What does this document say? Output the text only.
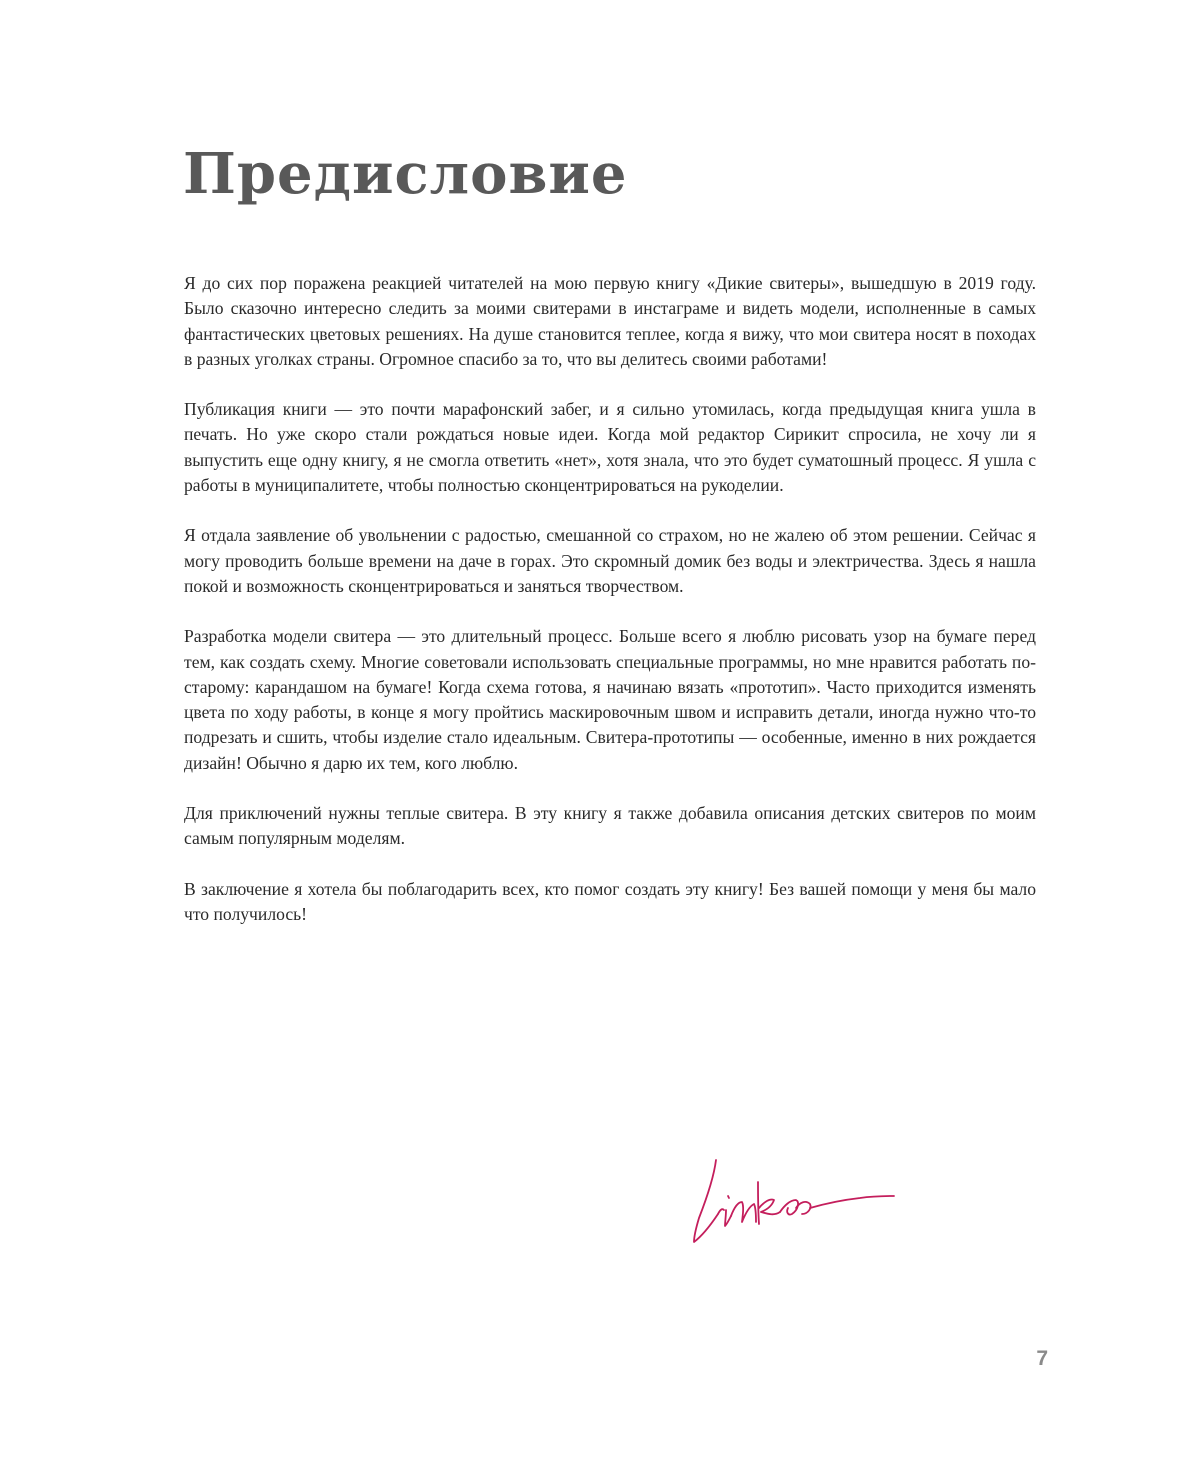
Предисловие

Я до сих пор поражена реакцией читателей на мою первую книгу «Дикие свитеры», вышедшую в 2019 году. Было сказочно интересно следить за моими свитерами в инстаграме и видеть модели, исполненные в самых фантастических цветовых решениях. На душе становится теплее, когда я вижу, что мои свитера носят в походах в разных уголках страны. Огромное спасибо за то, что вы делитесь своими работами!

Публикация книги — это почти марафонский забег, и я сильно утомилась, когда предыдущая книга ушла в печать. Но уже скоро стали рождаться новые идеи. Когда мой редактор Сирикит спросила, не хочу ли я выпустить еще одну книгу, я не смогла ответить «нет», хотя знала, что это будет суматошный процесс. Я ушла с работы в муниципалитете, чтобы полностью сконцентрироваться на рукоделии.

Я отдала заявление об увольнении с радостью, смешанной со страхом, но не жалею об этом решении. Сейчас я могу проводить больше времени на даче в горах. Это скромный домик без воды и электричества. Здесь я нашла покой и возможность сконцентрироваться и заняться творчеством.

Разработка модели свитера — это длительный процесс. Больше всего я люблю рисовать узор на бумаге перед тем, как создать схему. Многие советовали использовать специальные программы, но мне нравится работать по-старому: карандашом на бумаге! Когда схема готова, я начинаю вязать «прототип». Часто приходится изменять цвета по ходу работы, в конце я могу пройтись маскировочным швом и исправить детали, иногда нужно что-то подрезать и сшить, чтобы изделие стало идеальным. Свитера-прототипы — особенные, именно в них рождается дизайн! Обычно я дарю их тем, кого люблю.

Для приключений нужны теплые свитера. В эту книгу я также добавила описания детских свитеров по моим самым популярным моделям.

В заключение я хотела бы поблагодарить всех, кто помог создать эту книгу! Без вашей помощи у меня бы мало что получилось!

7
